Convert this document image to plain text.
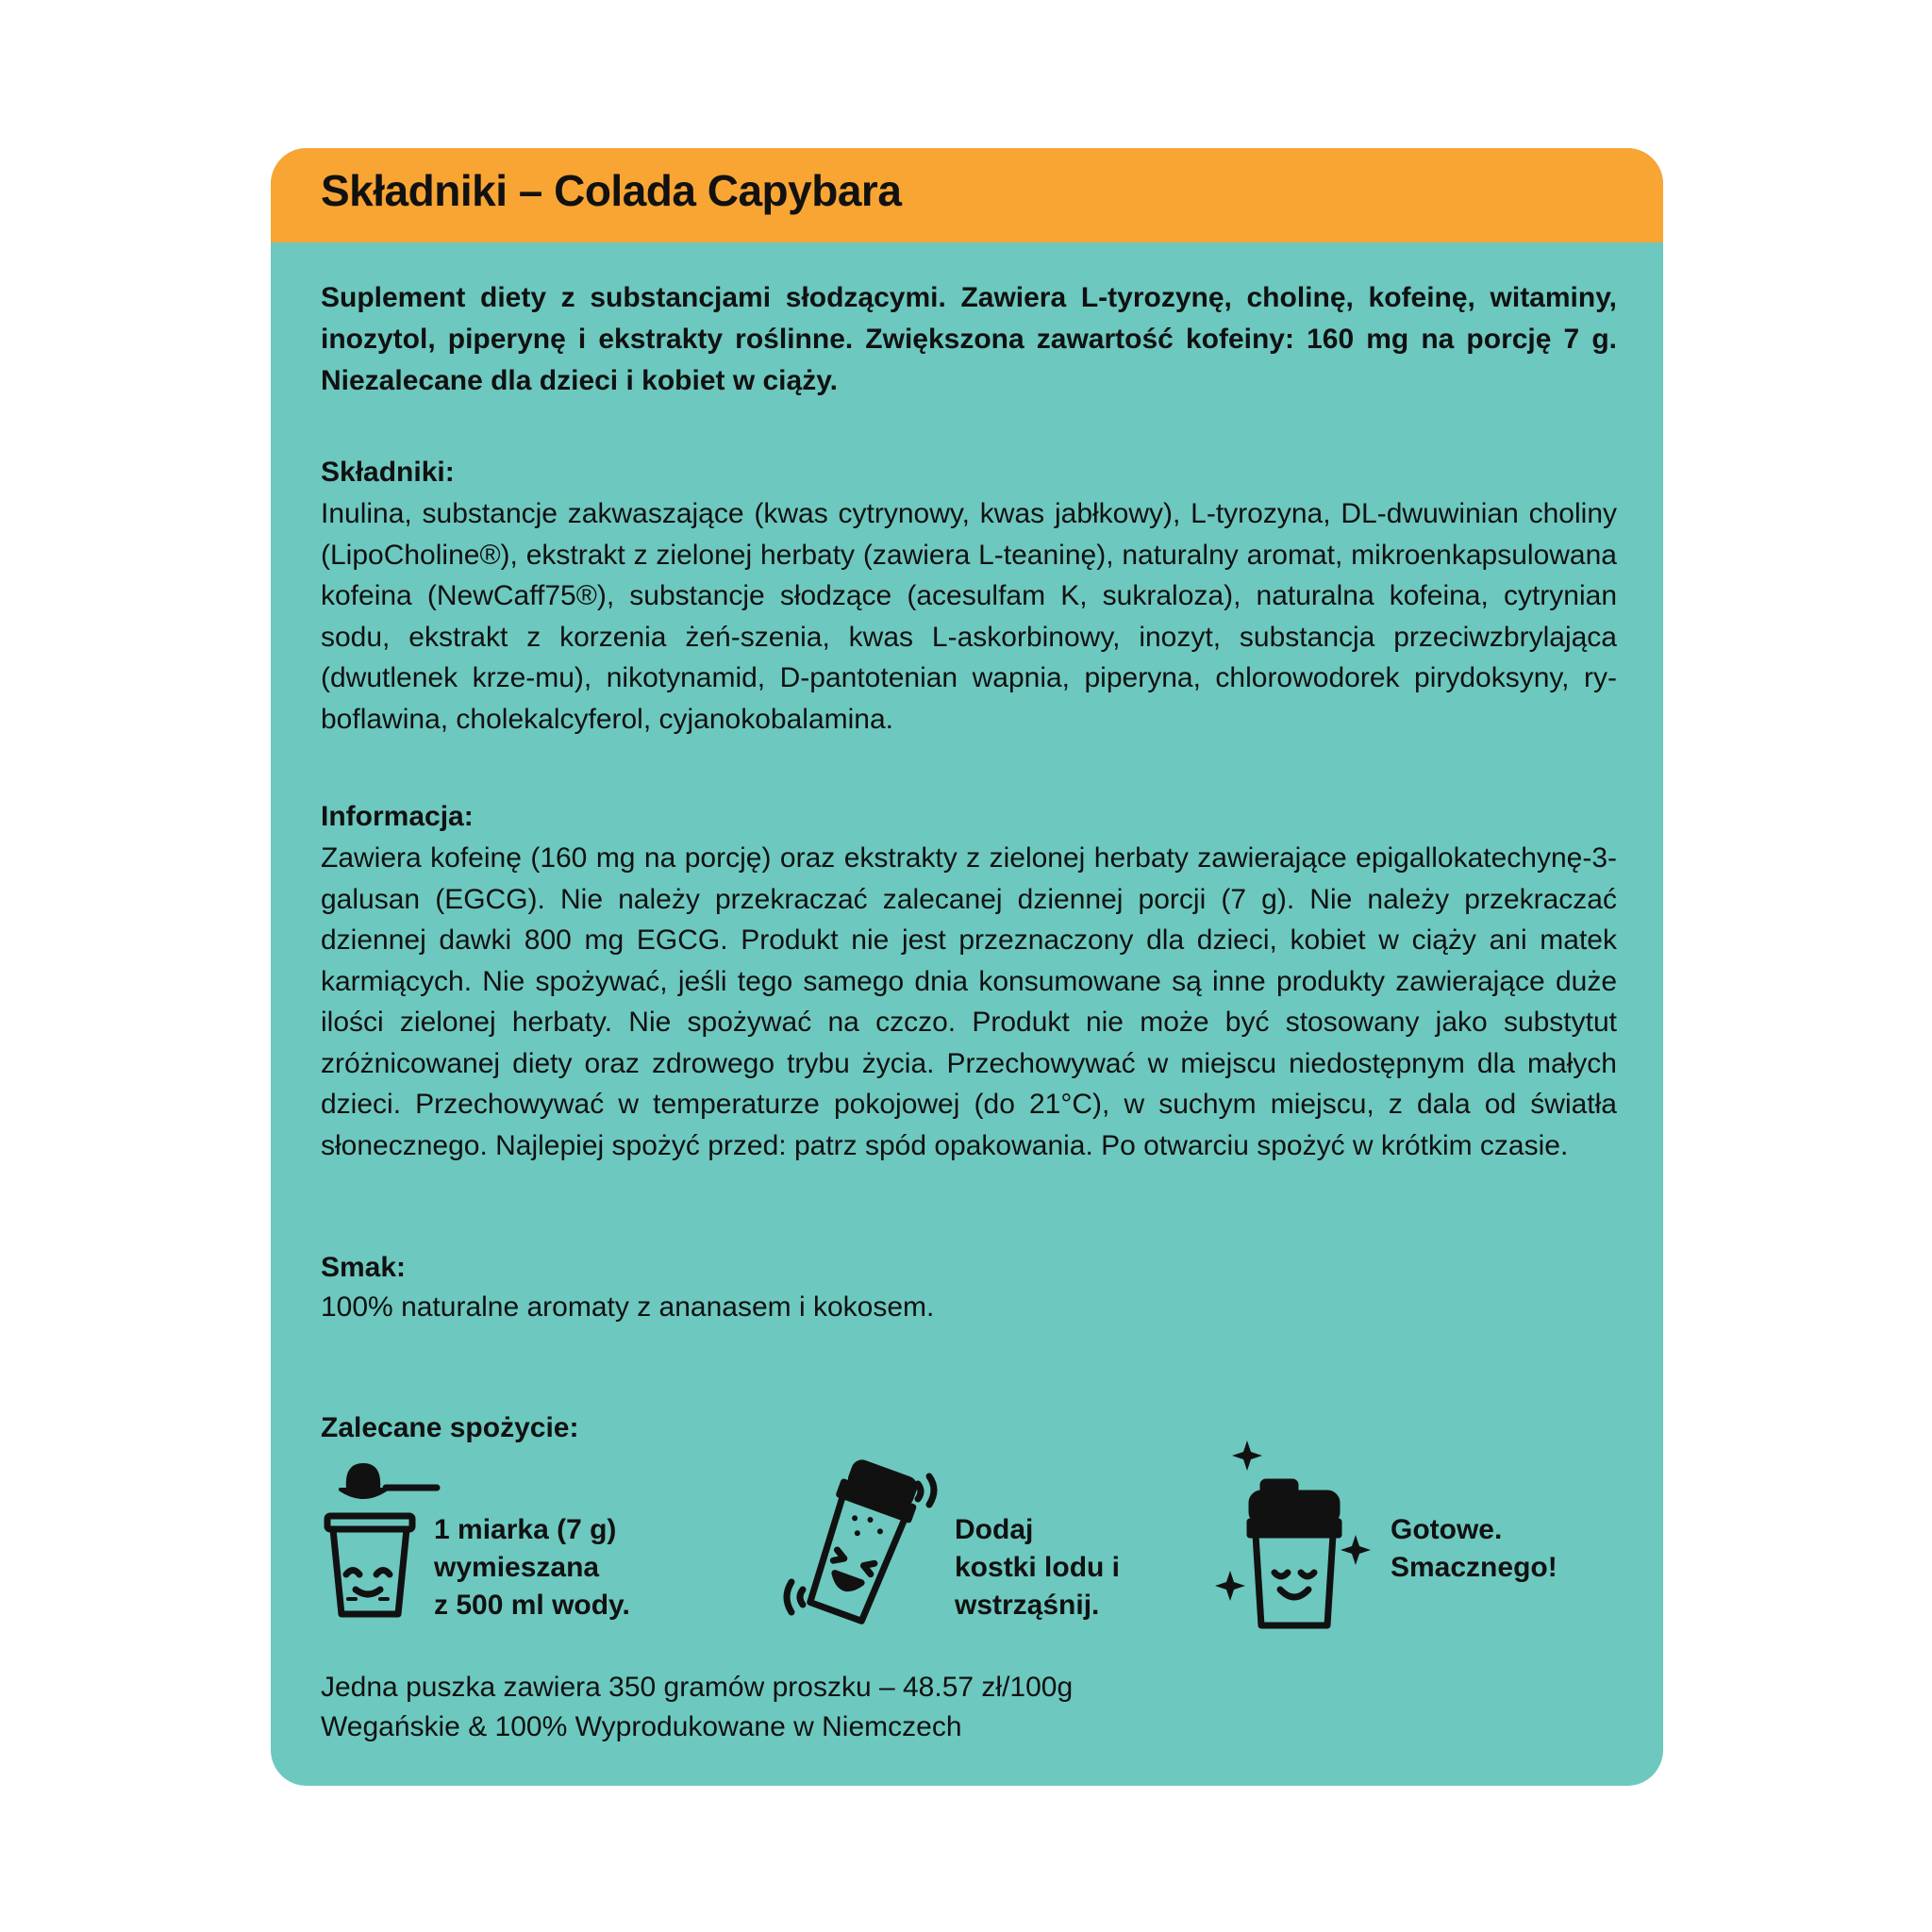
Składniki – Colada Capybara

Suplement diety z substancjami słodzącymi. Zawiera L-tyrozynę, cholinę, kofeinę, witaminy, inozytol, piperynę i ekstrakty roślinne. Zwiększona zawartość kofeiny: 160 mg na porcję 7 g. Niezalecane dla dzieci i kobiet w ciąży.

Składniki:

Inulina, substancje zakwaszające (kwas cytrynowy, kwas jabłkowy), L-tyrozyna, DL-dwuwinian choliny (LipoCholine®), ekstrakt z zielonej herbaty (zawiera L-teaninę), naturalny aromat, mikroenkapsulowana kofeina (NewCaff75®), substancje słodzące (acesulfam K, sukraloza), naturalna kofeina, cytrynian sodu, ekstrakt z korzenia żeń-szenia, kwas L-askorbinowy, inozyt, substancja przeciwzbrylająca (dwutlenek krze-mu), nikotynamid, D-pantotenian wapnia, piperyna, chlorowodorek pirydoksyny, ry-boflawina, cholekalcyferol, cyjanokobalamina.

Informacja:

Zawiera kofeinę (160 mg na porcję) oraz ekstrakty z zielonej herbaty zawierające epigallokatechynę-3-galusan (EGCG). Nie należy przekraczać zalecanej dziennej porcji (7 g). Nie należy przekraczać dziennej dawki 800 mg EGCG. Produkt nie jest przeznaczony dla dzieci, kobiet w ciąży ani matek karmiących. Nie spożywać, jeśli tego samego dnia konsumowane są inne produkty zawierające duże ilości zielonej herbaty. Nie spożywać na czczo. Produkt nie może być stosowany jako substytut zróżnicowanej diety oraz zdrowego trybu życia. Przechowywać w miejscu niedostępnym dla małych dzieci. Przechowywać w temperaturze pokojowej (do 21°C), w suchym miejscu, z dala od światła słonecznego. Najlepiej spożyć przed: patrz spód opakowania. Po otwarciu spożyć w krótkim czasie.

Smak:

100% naturalne aromaty z ananasem i kokosem.

Zalecane spożycie:

1 miarka (7 g)
wymieszana
z 500 ml wody.

Dodaj
kostki lodu i
wstrząśnij.

Gotowe.
Smacznego!

Jedna puszka zawiera 350 gramów proszku – 48.57 zł/100g

Wegańskie & 100% Wyprodukowane w Niemczech
